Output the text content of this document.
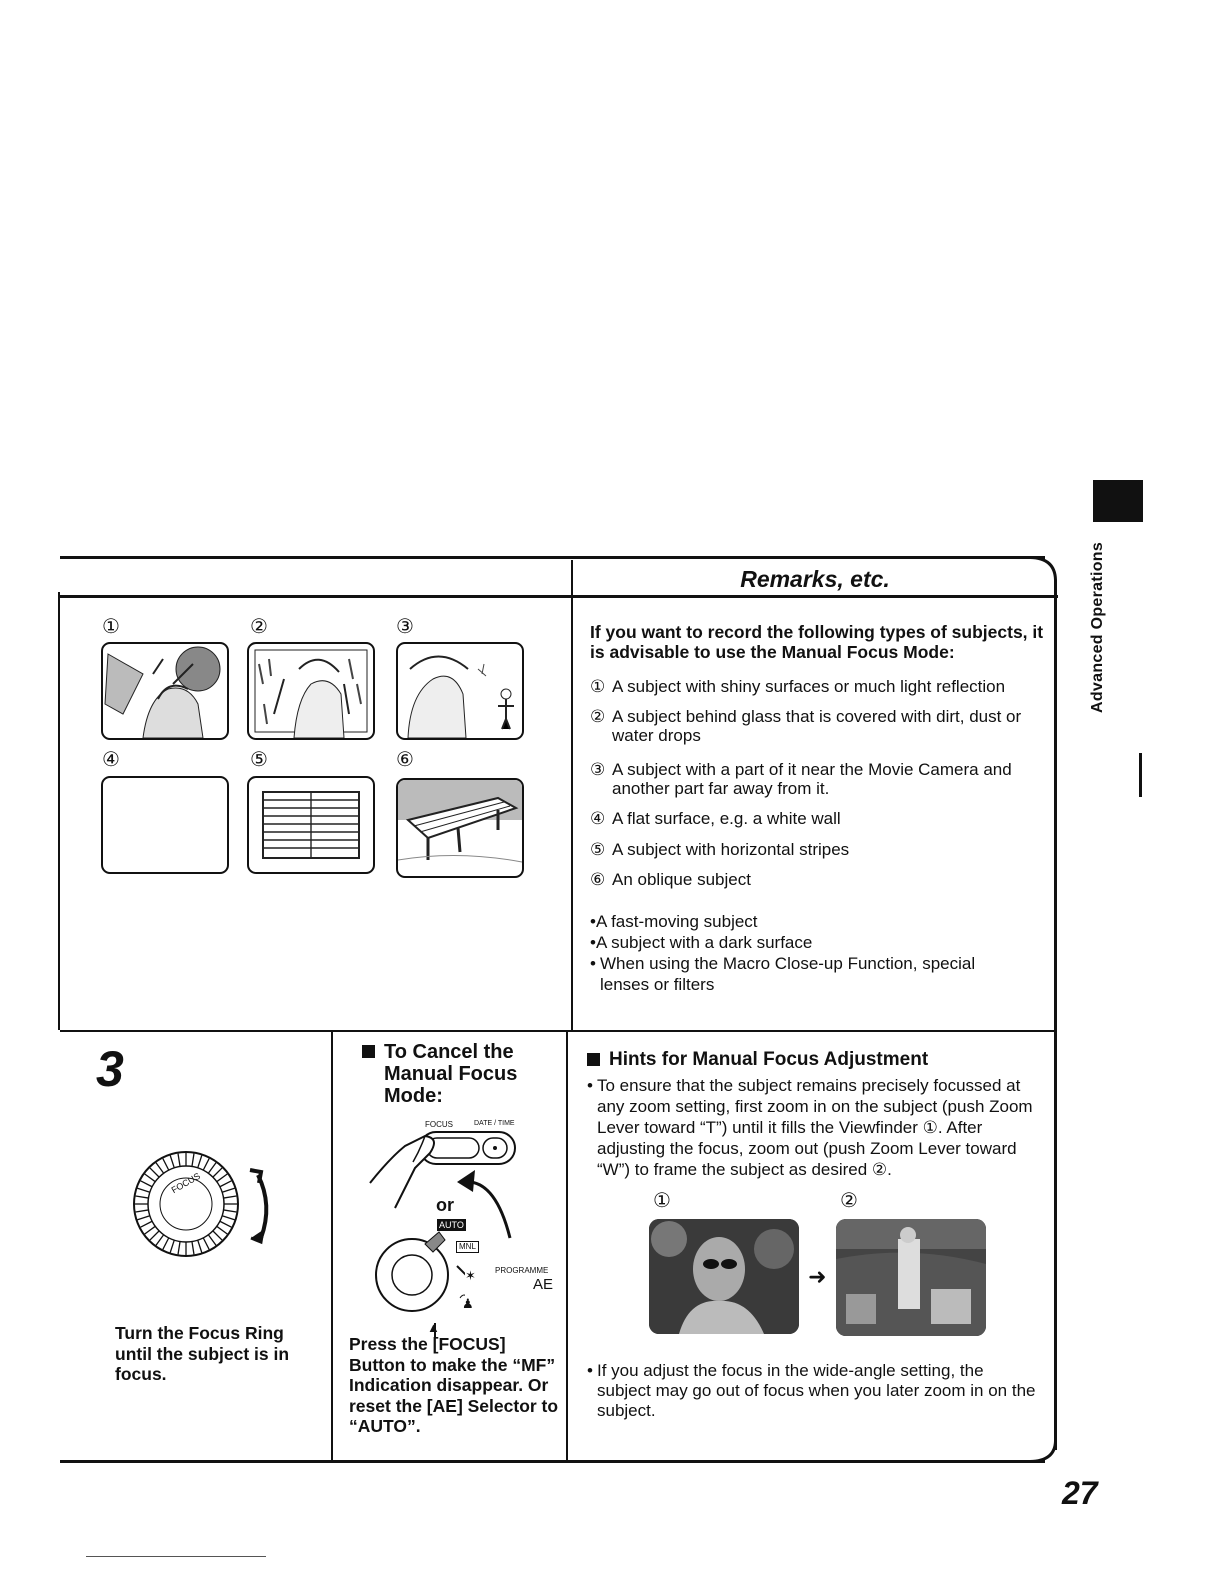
Advanced Operations
Remarks, etc.
①	②	③
④	⑤	⑥
If you want to record the following types of subjects, it is advisable to use the Manual Focus Mode:
① A subject with shiny surfaces or much light reflection
② A subject behind glass that is covered with dirt, dust or water drops
③ A subject with a part of it near the Movie Camera and another part far away from it.
④ A flat surface, e.g. a white wall
⑤ A subject with horizontal stripes
⑥ An oblique subject
•A fast-moving subject
•A subject with a dark surface
• When using the Macro Close-up Function, special lenses or filters
3
FOCUS
Turn the Focus Ring until the subject is in focus.
To Cancel the Manual Focus Mode:
FOCUS	DATE / TIME
or
AUTO
MNL
PROGRAMME
AE
✶
♟
▲
Press the [FOCUS] Button to make the “MF” Indication disappear. Or reset the [AE] Selector to “AUTO”.
Hints for Manual Focus Adjustment
• To ensure that the subject remains precisely focussed at any zoom setting, first zoom in on the subject (push Zoom Lever toward “T”) until it fills the Viewfinder ①. After adjusting the focus, zoom out (push Zoom Lever toward “W”) to frame the subject as desired ②.
①	②
➜
• If you adjust the focus in the wide-angle setting, the subject may go out of focus when you later zoom in on the subject.
27
